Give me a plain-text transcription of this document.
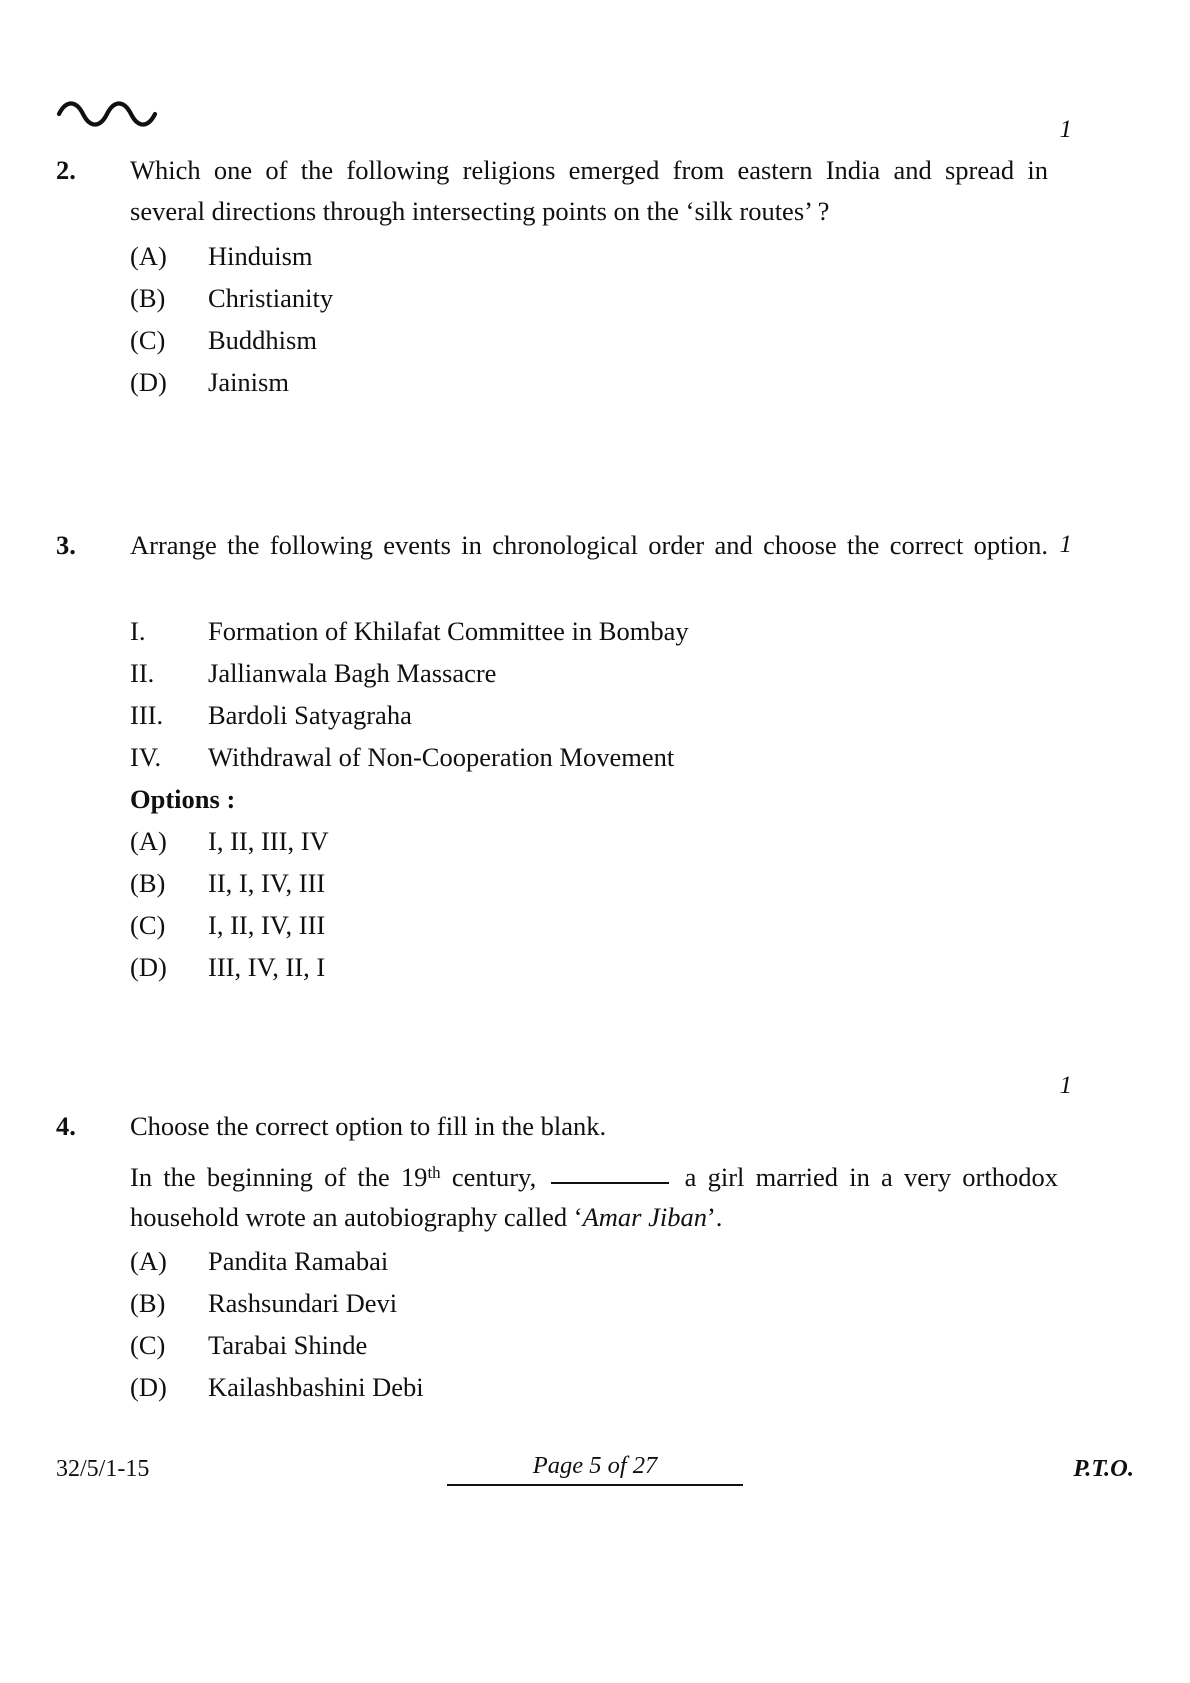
2.	Which one of the following religions emerged from eastern India and spread in several directions through intersecting points on the ‘silk routes’ ?

1
(A)	Hinduism
(B)	Christianity
(C)	Buddhism
(D)	Jainism
3.	Arrange the following events in chronological order and choose the correct option. 1
I.	Formation of Khilafat Committee in Bombay
II.	Jallianwala Bagh Massacre
III.	Bardoli Satyagraha
IV.	Withdrawal of Non-Cooperation Movement
Options :
(A)	I, II, III, IV
(B)	II, I, IV, III
(C)	I, II, IV, III
(D)	III, IV, II, I
4.	Choose the correct option to fill in the blank.

1

In the beginning of the 19th century,	a girl married in a very orthodox household wrote an autobiography called ‘Amar Jiban’.

(A)	Pandita Ramabai
(B)	Rashsundari Devi
(C)	Tarabai Shinde
(D)	Kailashbashini Debi
32/5/1-15	Page 5 of 27	P.T.O.
